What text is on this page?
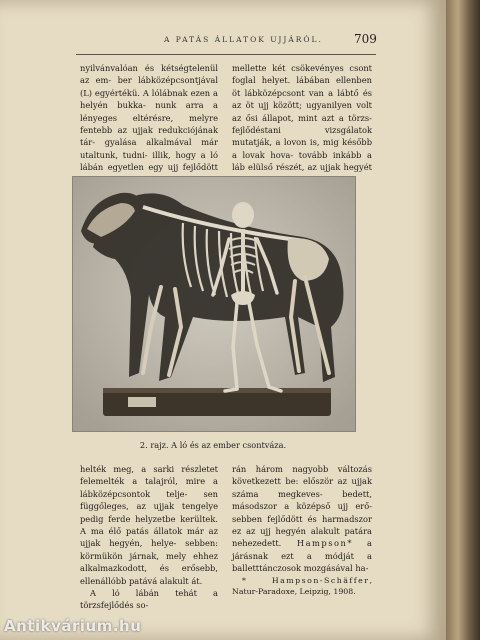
A PATÁS ÁLLATOK UJJÁRÓL.	709

nyilvánvalóan és kétségtelenül az em- ber lábközépcsontjával (L) egyértékü. A lólábnak ezen a helyén bukka- nunk arra a lényeges eltérésre, melyre fentebb az ujjak redukciójának tár- gyalása alkalmával már utaltunk, tudni- illik, hogy a ló lábán egyetlen egy ujj fejlődött

mellette két csökevényes csont foglal helyet. lábában ellenben öt lábközépcsont van a lábtő és az öt ujj között; ugyanilyen volt az ősi állapot, mint azt a törzs- fejlődéstani vizsgálatok mutatják, a lovon is, mig később a lovak hova- tovább inkább a láb elülső részét, az ujjak hegyét

2. rajz. A ló és az ember csontváza.

helték meg, a sarki részletet felemelték a talajról, mire a lábközépcsontok telje- sen függőleges, az ujjak tengelye pedig ferde helyzetbe kerültek. A ma élő patás állatok már az ujjak hegyén, helye- sebben: körmükön járnak, mely ehhez alkalmazkodott, és erősebb, ellenállóbb patává alakult át.

A ló lábán tehát a törzsfejlődés so-

rán három nagyobb változás következett be: először az ujjak száma megkeves- bedett, másodszor a középső ujj erő- sebben fejlődött és harmadszor ez az ujj hegyén alakult patára nehezedett. Hampson* a járásnak ezt a módját a balletttánczosok mozgásával ha-

* Hampson-Schäffer, Natur-Paradoxe, Leipzig, 1908.

Antikvárium.hu
